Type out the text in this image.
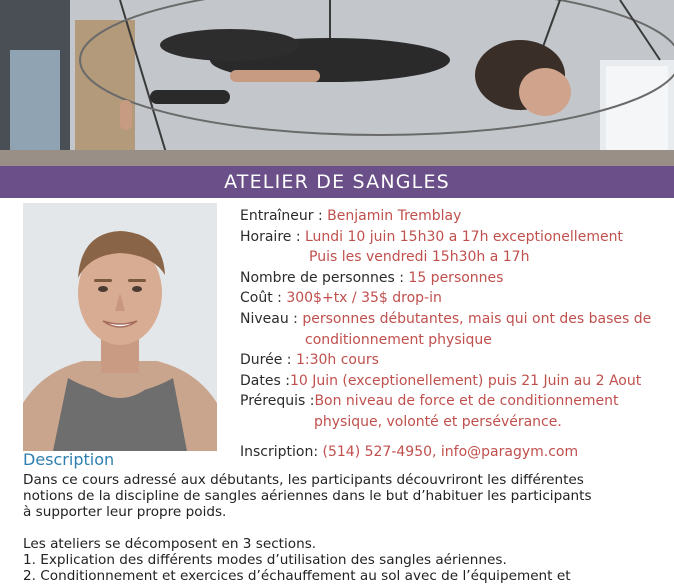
ATELIER DE SANGLES
Entraîneur : Benjamin Tremblay
Horaire : Lundi 10 juin 15h30 a 17h exceptionellement
Puis les vendredi 15h30h a 17h
Nombre de personnes : 15 personnes
Coût : 300$+tx / 35$ drop-in
Niveau : personnes débutantes, mais qui ont des bases de
conditionnement physique
Durée : 1:30h cours
Dates :10 Juin (exceptionellement) puis 21 Juin au 2 Aout
Prérequis :Bon niveau de force et de conditionnement
physique, volonté et persévérance.
Inscription: (514) 527-4950, info@paragym.com
Description

Dans ce cours adressé aux débutants, les participants découvriront les différentes

notions de la discipline de sangles aériennes dans le but d’habituer les participants

à supporter leur propre poids.

Les ateliers se décomposent en 3 sections.

1. Explication des différents modes d’utilisation des sangles aériennes.

2. Conditionnement et exercices d’échauffement au sol avec de l’équipement et
